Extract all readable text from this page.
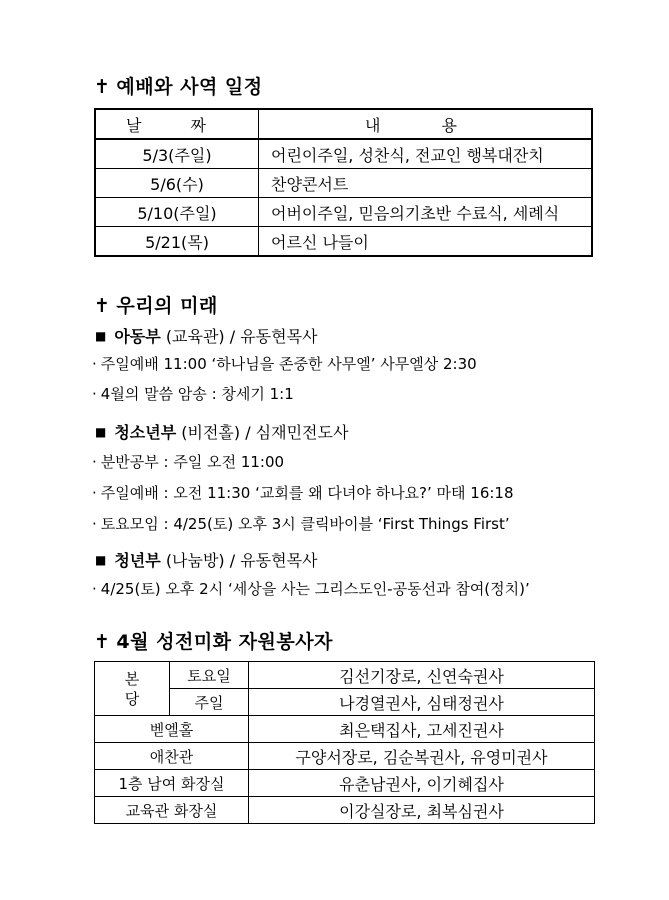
✝ 예배와 사역 일정
날 짜	내 용
5/3(주일)	어린이주일, 성찬식, 전교인 행복대잔치
5/6(수)	찬양콘서트
5/10(주일)	어버이주일, 믿음의기초반 수료식, 세례식
5/21(목)	어르신 나들이
✝ 우리의 미래
■ 아동부 (교육관) / 유동현목사
· 주일예배 11:00 ‘하나님을 존중한 사무엘’ 사무엘상 2:30
· 4월의 말씀 암송 : 창세기 1:1
■ 청소년부 (비전홀) / 심재민전도사
· 분반공부 : 주일 오전 11:00
· 주일예배 : 오전 11:30 ‘교회를 왜 다녀야 하나요?’ 마태 16:18
· 토요모임 : 4/25(토) 오후 3시 클릭바이블 ‘First Things First’
■ 청년부 (나눔방) / 유동현목사
· 4/25(토) 오후 2시 ‘세상을 사는 그리스도인-공동선과 참여(정치)’
✝ 4월 성전미화 자원봉사자
본
당	토요일	김선기장로, 신연숙권사
	주일	나경열권사, 심태정권사
벧엘홀		최은택집사, 고세진권사
애찬관		구양서장로, 김순복권사, 유영미권사
1층 남여 화장실		유춘남권사, 이기혜집사
교육관 화장실		이강실장로, 최복심권사
